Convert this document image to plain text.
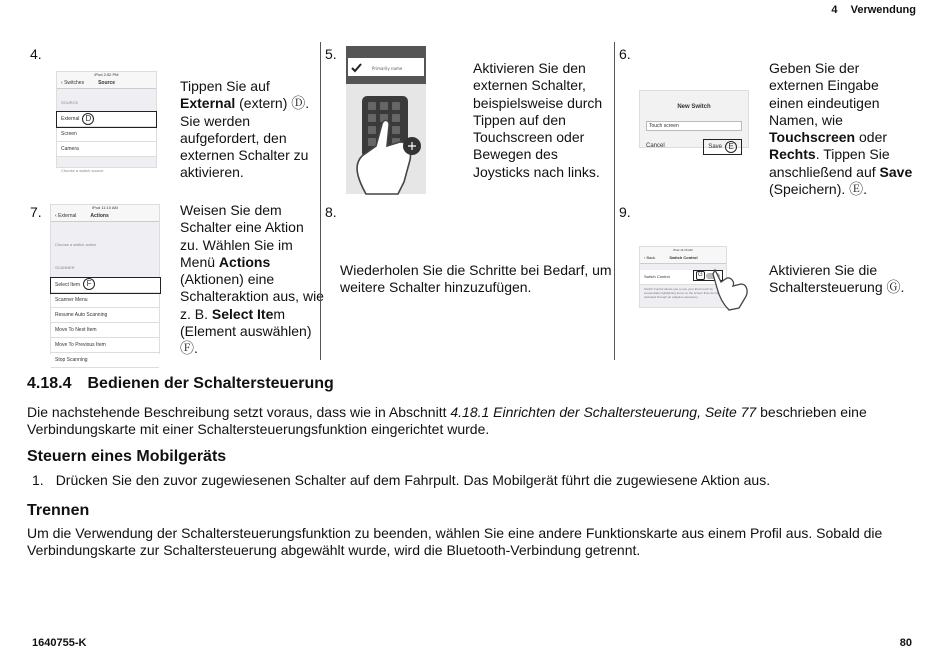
4 Verwendung
4.
iPod 2:52 PM
‹ Switches	Source
SOURCE
External D
Screen
Camera
Choose a switch source
Tippen Sie auf External (extern) Ⓓ. Sie werden aufgefordert, den externen Schalter zu aktivieren.
5.
Primarily name	Aktivieren Sie den externen Schalter, beispielsweise durch Tippen auf den Touchscreen oder Bewegen des Joysticks nach links.
6.
New Switch
Touch screen
Cancel	Save E
Geben Sie der externen Eingabe einen eindeutigen Namen, wie Touchscreen oder Rechts. Tippen Sie anschließend auf Save (Speichern). Ⓔ.
7.	iPod 11:10 AM
‹ External	Actions
Choose a switch action
SCANNER
Select Item F
Scanner Menu
Resume Auto Scanning
Move To Next Item
Move To Previous Item
Stop Scanning
Weisen Sie dem Schalter eine Aktion zu. Wählen Sie im Menü Actions (Aktionen) eine Schalteraktion aus, wie z. B. Select Item (Element auswählen) Ⓕ.
8.
Wiederholen Sie die Schritte bei Bedarf, um weitere Schalter hinzuzufügen.
9.
iPod 11:15 AM
‹ Back	Switch Control
Switch Control	G
Switch Control allows you to use your iPod touch by sequentially highlighting items on the screen that can be activated through an adaptive accessory.
Aktivieren Sie die Schaltersteuerung Ⓖ.
4.18.4 Bedienen der Schaltersteuerung
Die nachstehende Beschreibung setzt voraus, dass wie in Abschnitt 4.18.1 Einrichten der Schaltersteuerung, Seite 77 beschrieben eine Verbindungskarte mit einer Schaltersteuerungsfunktion eingerichtet wurde.
Steuern eines Mobilgeräts
1. Drücken Sie den zuvor zugewiesenen Schalter auf dem Fahrpult. Das Mobilgerät führt die zugewiesene Aktion aus.
Trennen
Um die Verwendung der Schaltersteuerungsfunktion zu beenden, wählen Sie eine andere Funktionskarte aus einem Profil aus. Sobald die Verbindungskarte zur Schaltersteuerung abgewählt wurde, wird die Bluetooth-Verbindung getrennt.
1640755-K	80
